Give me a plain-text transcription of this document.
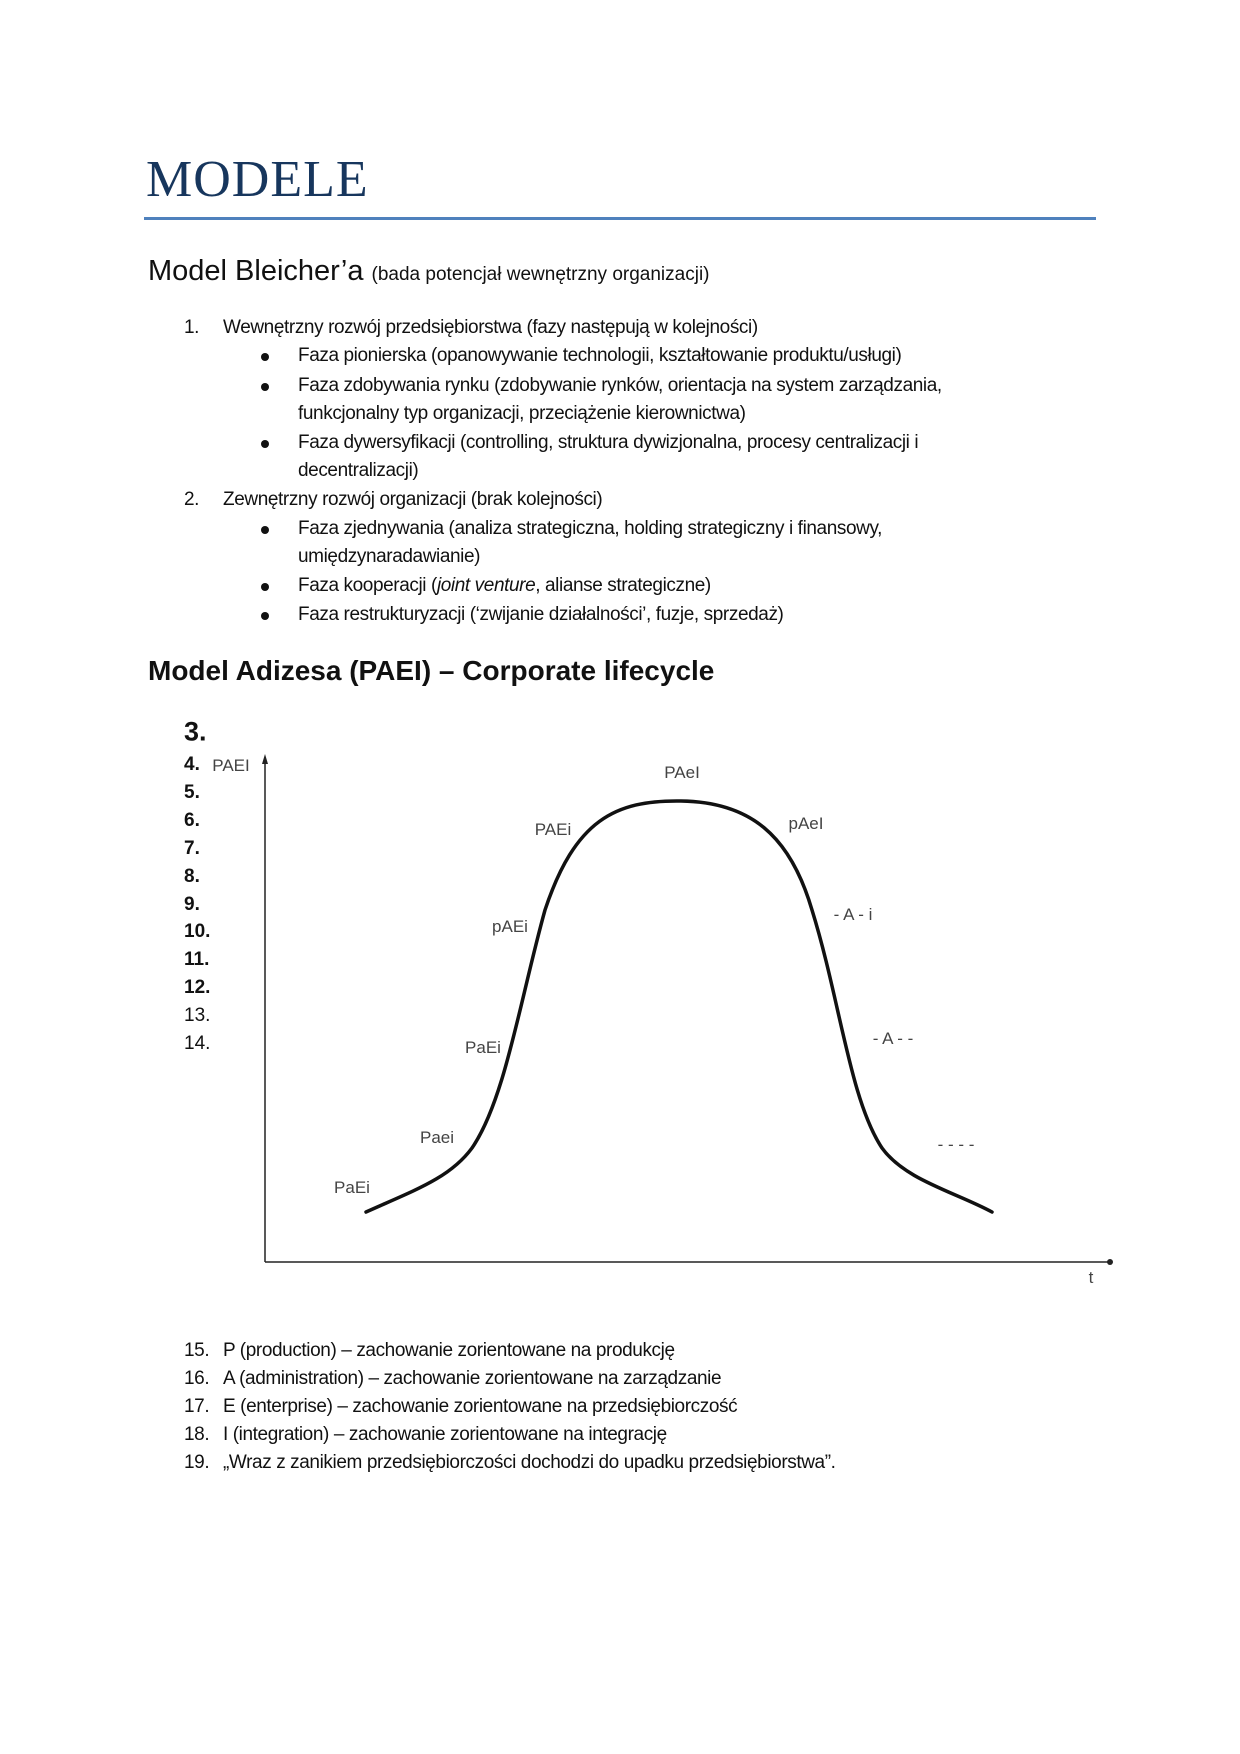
MODELE
Model Bleicher’a (bada potencjał wewnętrzny organizacji)
1. Wewnętrzny rozwój przedsiębiorstwa (fazy następują w kolejności)
Faza pionierska (opanowywanie technologii, kształtowanie produktu/usługi)
Faza zdobywania rynku (zdobywanie rynków, orientacja na system zarządzania,
funkcjonalny typ organizacji, przeciążenie kierownictwa)
Faza dywersyfikacji (controlling, struktura dywizjonalna, procesy centralizacji i
decentralizacji)
2. Zewnętrzny rozwój organizacji (brak kolejności)
Faza zjednywania (analiza strategiczna, holding strategiczny i finansowy,
umiędzynaradawianie)
Faza kooperacji (joint venture, alianse strategiczne)
Faza restrukturyzacji (‘zwijanie działalności’, fuzje, sprzedaż)
Model Adizesa (PAEI) – Corporate lifecycle
3.
4.
5.
6.
7.
8.
9.
10.
11.
12.
13.
14.
PAEI
t
PaEi
Paei
PaEi
pAEi
PAEi
PAeI
pAeI
- A - i
- A - -
- - - -
15. P (production) – zachowanie zorientowane na produkcję
16. A (administration) – zachowanie zorientowane na zarządzanie
17. E (enterprise) – zachowanie zorientowane na przedsiębiorczość
18. I (integration) – zachowanie zorientowane na integrację
19. „Wraz z zanikiem przedsiębiorczości dochodzi do upadku przedsiębiorstwa”.
